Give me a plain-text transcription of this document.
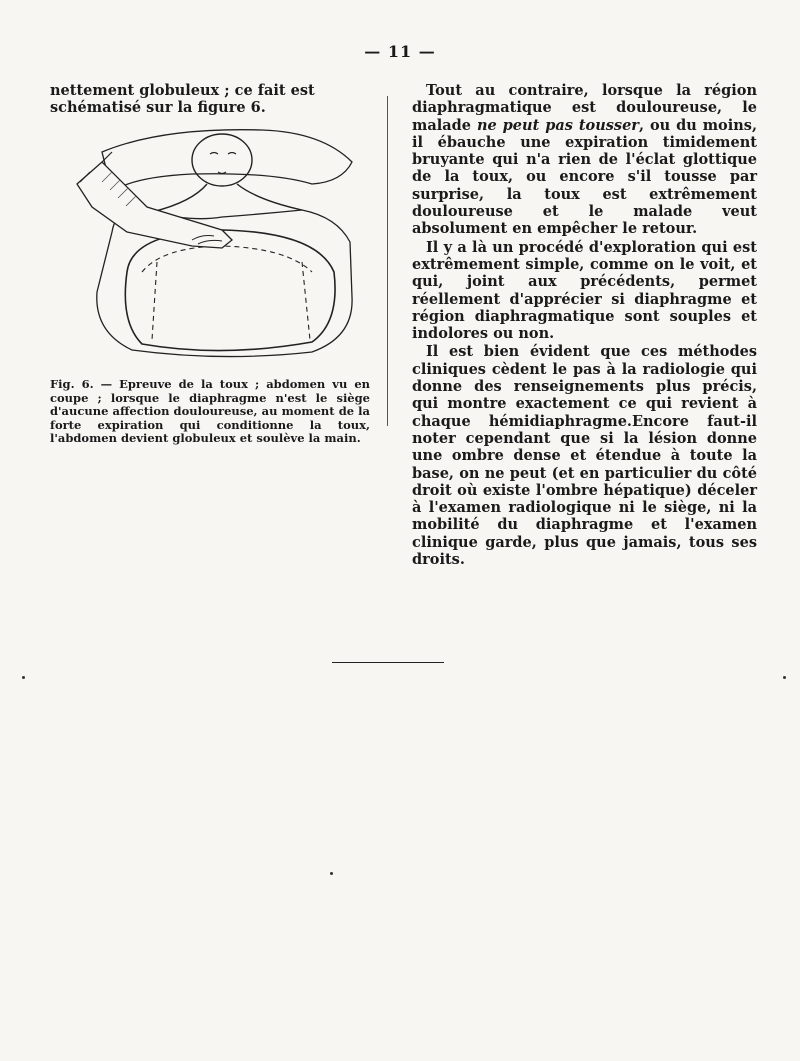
— 11 —

nettement globuleux ; ce fait est schématisé sur la figure 6.

Fig. 6. — Epreuve de la toux ; abdomen vu en coupe ; lorsque le diaphragme n'est le siège d'aucune affection douloureuse, au moment de la forte expiration qui conditionne la toux, l'abdomen devient globuleux et soulève la main.

Tout au contraire, lorsque la région diaphragmatique est douloureuse, le malade ne peut pas tousser, ou du moins, il ébauche une expiration timidement bruyante qui n'a rien de l'éclat glottique de la toux, ou encore s'il tousse par surprise, la toux est extrêmement douloureuse et le malade veut absolument en empêcher le retour.

Il y a là un procédé d'exploration qui est extrêmement simple, comme on le voit, et qui, joint aux précédents, permet réellement d'apprécier si diaphragme et région diaphragmatique sont souples et indolores ou non.

Il est bien évident que ces méthodes cliniques cèdent le pas à la radiologie qui donne des renseignements plus précis, qui montre exactement ce qui revient à chaque hémidiaphragme.Encore faut-il noter cependant que si la lésion donne une ombre dense et étendue à toute la base, on ne peut (et en particulier du côté droit où existe l'ombre hépatique) déceler à l'examen radiologique ni le siège, ni la mobilité du diaphragme et l'examen clinique garde, plus que jamais, tous ses droits.
